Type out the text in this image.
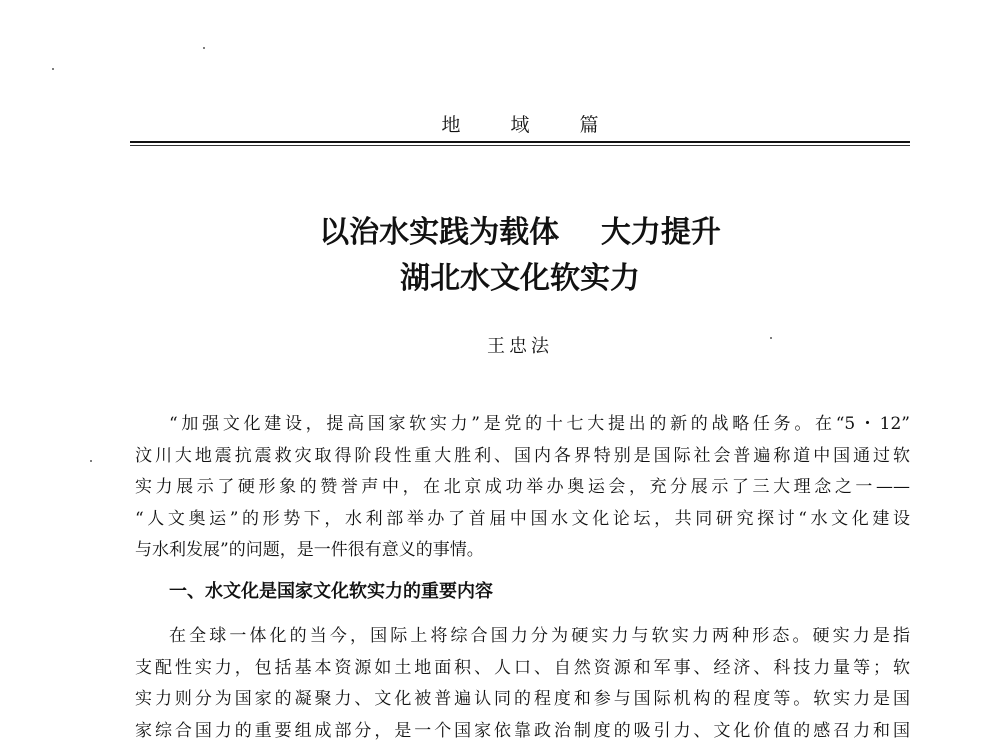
地 域 篇
以治水实践为载体    大力提升
湖北水文化软实力
王忠法
“加强文化建设，提高国家软实力”是党的十七大提出的新的战略任务。在“5・12”
汶川大地震抗震救灾取得阶段性重大胜利、国内各界特别是国际社会普遍称道中国通过软
实力展示了硬形象的赞誉声中，在北京成功举办奥运会，充分展示了三大理念之一——
“人文奥运”的形势下，水利部举办了首届中国水文化论坛，共同研究探讨“水文化建设
与水利发展”的问题，是一件很有意义的事情。
一、水文化是国家文化软实力的重要内容
在全球一体化的当今，国际上将综合国力分为硬实力与软实力两种形态。硬实力是指
支配性实力，包括基本资源如土地面积、人口、自然资源和军事、经济、科技力量等；软
实力则分为国家的凝聚力、文化被普遍认同的程度和参与国际机构的程度等。软实力是国
家综合国力的重要组成部分，是一个国家依靠政治制度的吸引力、文化价值的感召力和国
